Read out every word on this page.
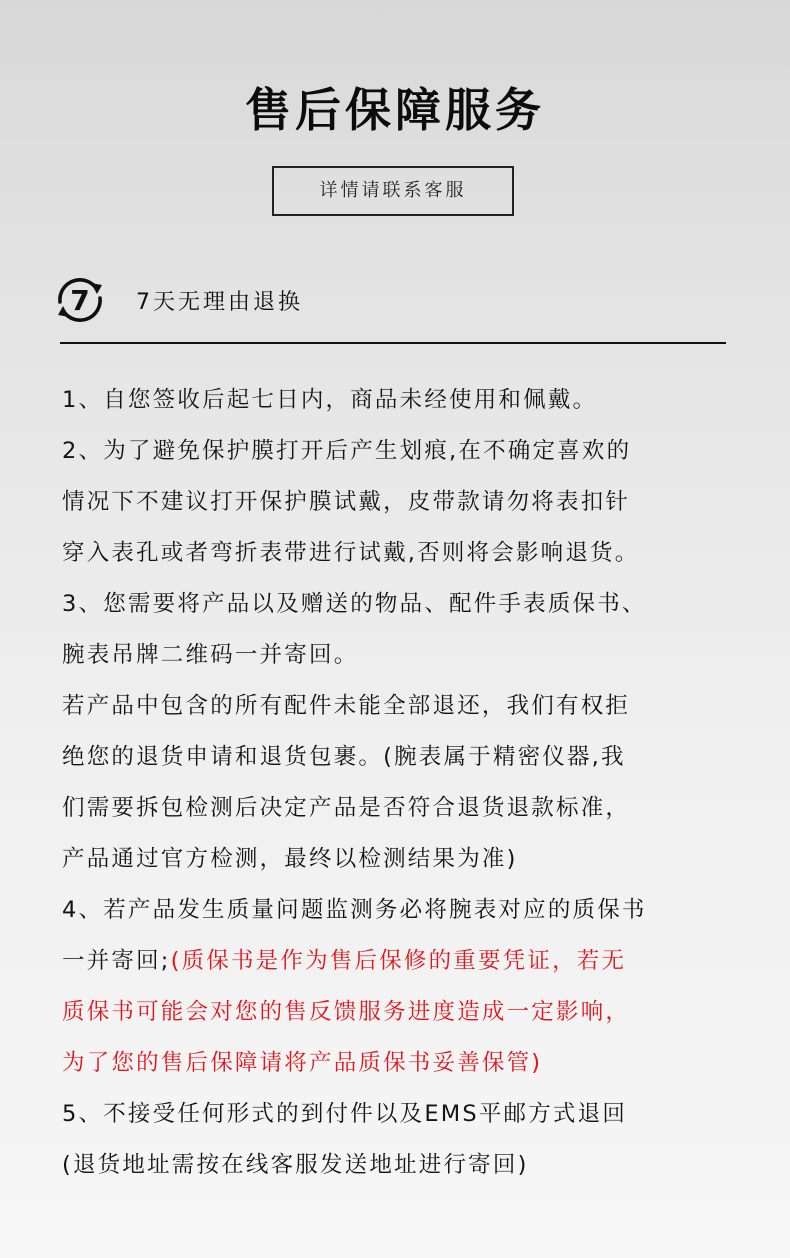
售后保障服务
详情请联系客服
7 7天无理由退换
1、自您签收后起七日内，商品未经使用和佩戴。
2、为了避免保护膜打开后产生划痕,在不确定喜欢的
情况下不建议打开保护膜试戴，皮带款请勿将表扣针
穿入表孔或者弯折表带进行试戴,否则将会影响退货。
3、您需要将产品以及赠送的物品、配件手表质保书、
腕表吊牌二维码一并寄回。
若产品中包含的所有配件未能全部退还，我们有权拒
绝您的退货申请和退货包裹。(腕表属于精密仪器,我
们需要拆包检测后决定产品是否符合退货退款标准，
产品通过官方检测，最终以检测结果为准)
4、若产品发生质量问题监测务必将腕表对应的质保书
一并寄回;(质保书是作为售后保修的重要凭证，若无
质保书可能会对您的售反馈服务进度造成一定影响，
为了您的售后保障请将产品质保书妥善保管)
5、不接受任何形式的到付件以及EMS平邮方式退回
(退货地址需按在线客服发送地址进行寄回)
